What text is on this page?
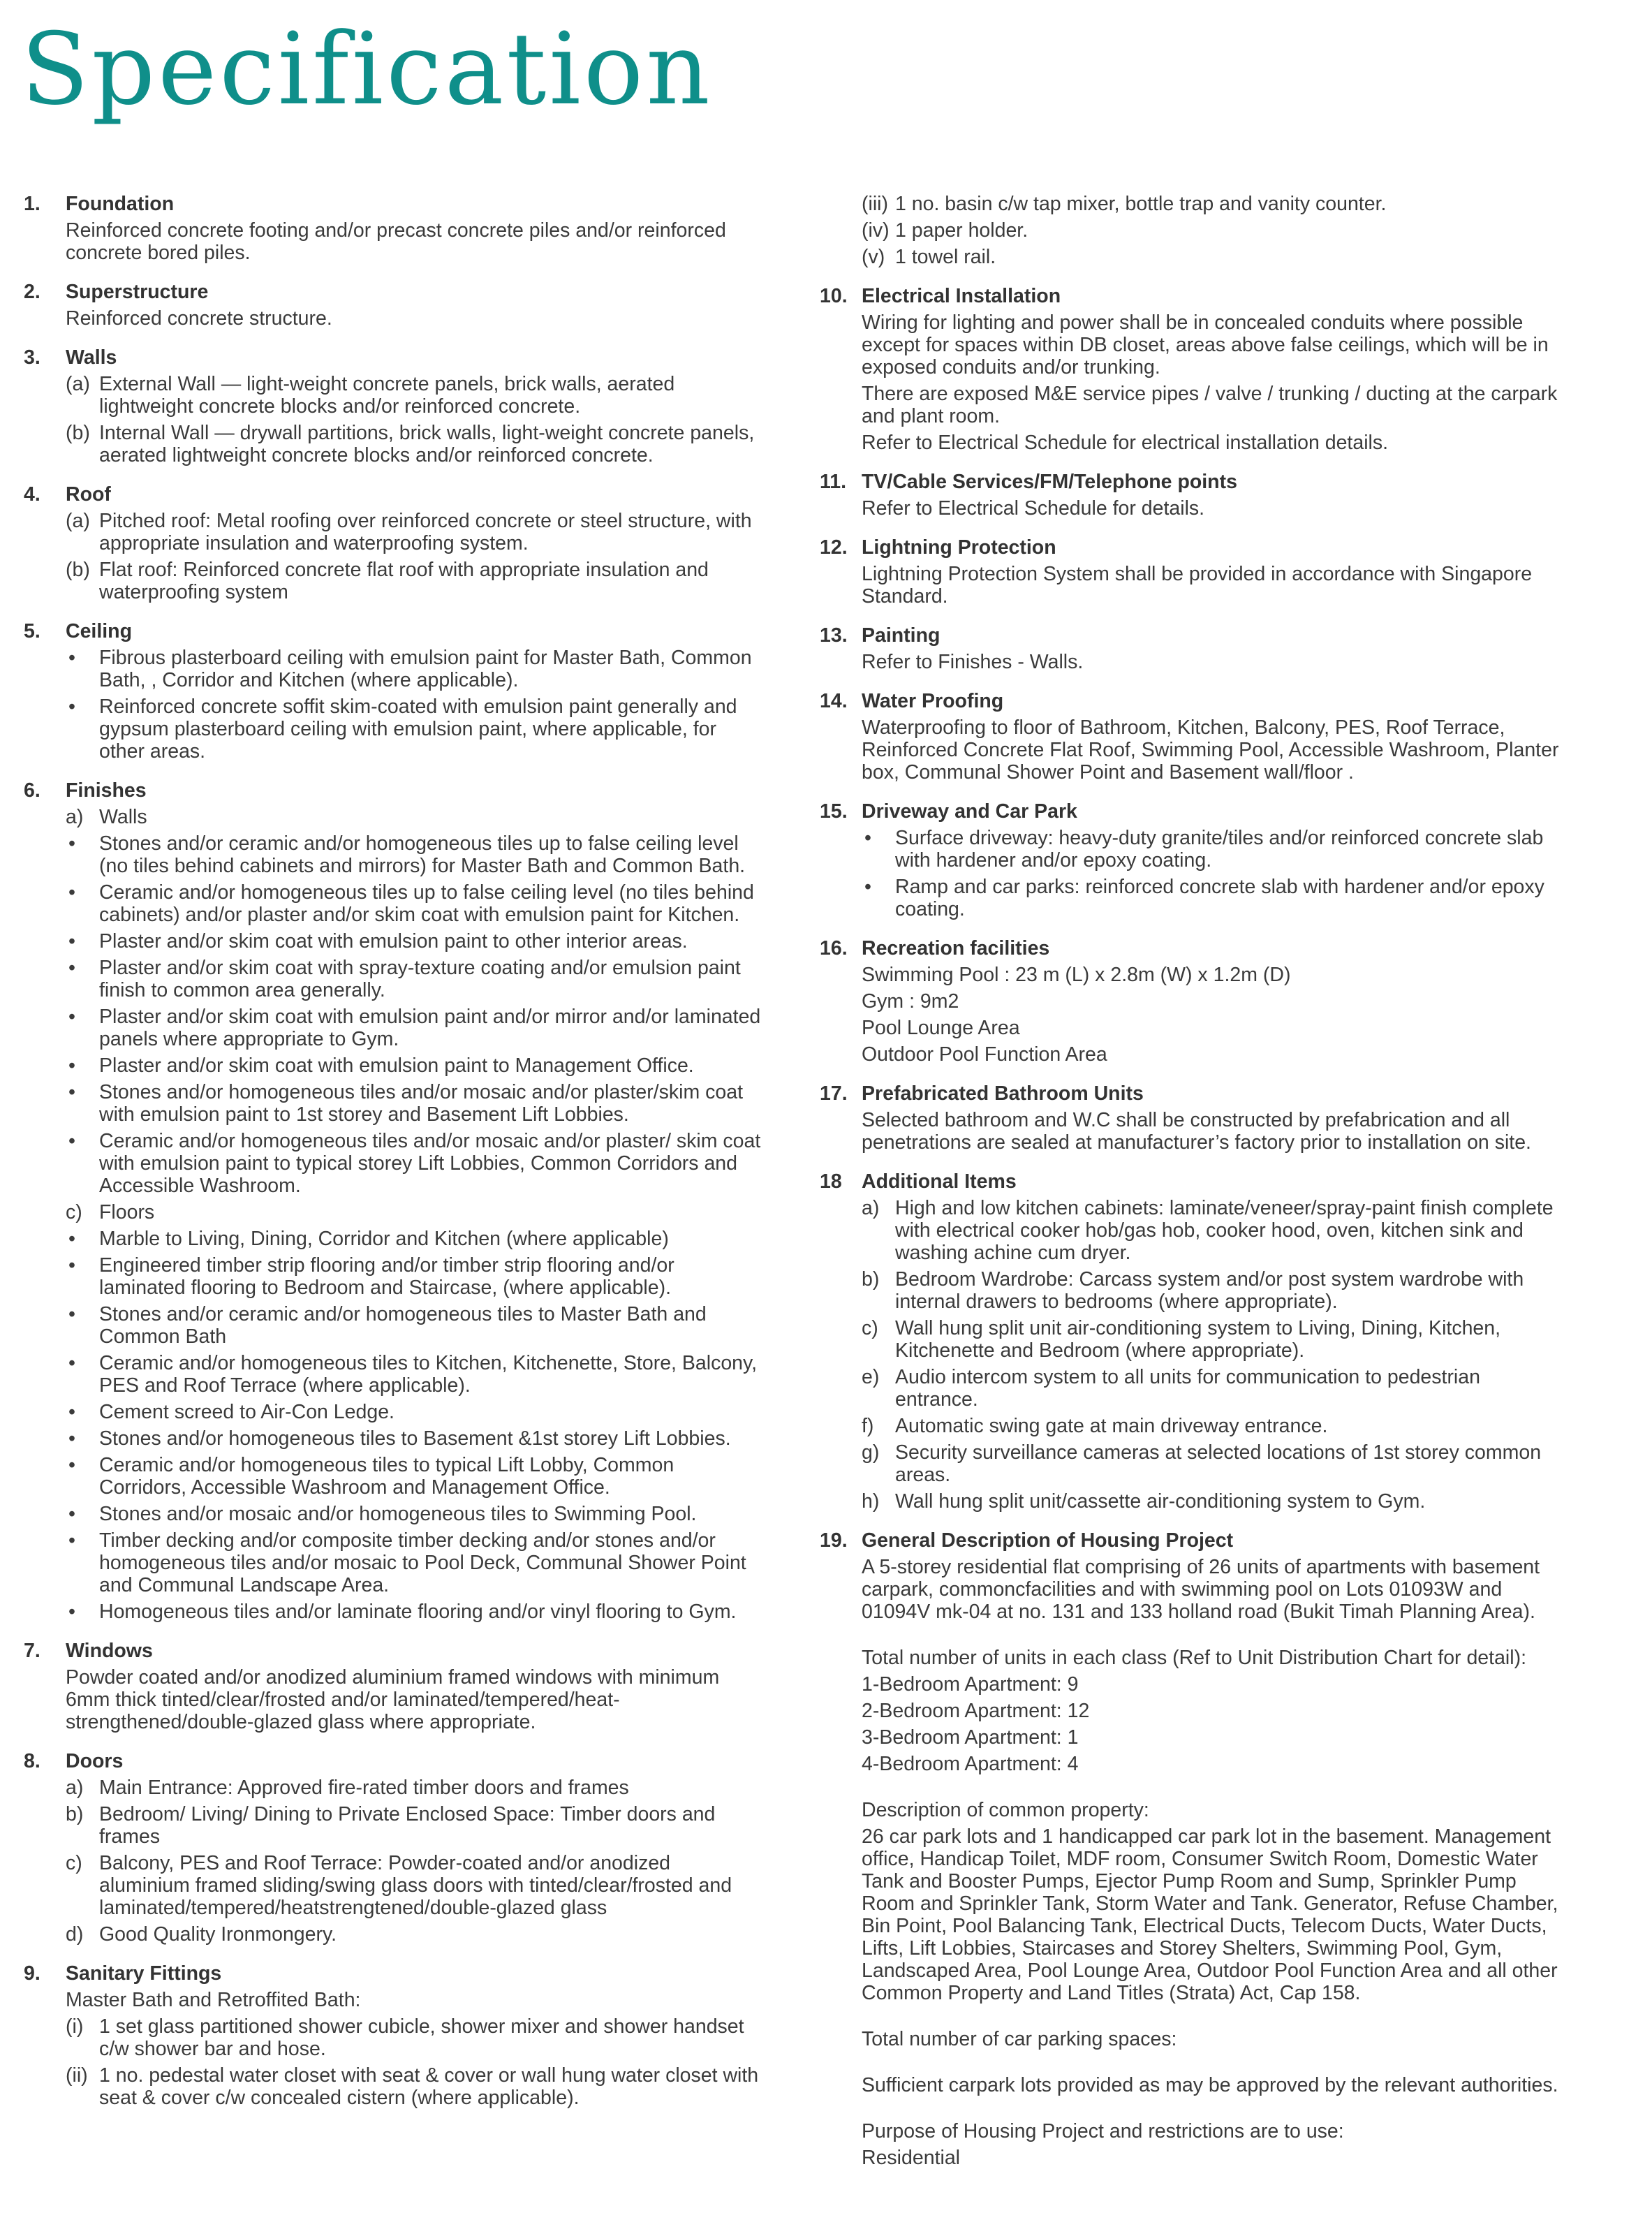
Specification
1. Foundation
Reinforced concrete footing and/or precast concrete piles and/or reinforced concrete bored piles.
2. Superstructure
Reinforced concrete structure.
3. Walls
(a) External Wall — light-weight concrete panels, brick walls, aerated lightweight concrete blocks and/or reinforced concrete.
(b) Internal Wall — drywall partitions, brick walls, light-weight concrete panels, aerated lightweight concrete blocks and/or reinforced concrete.
4. Roof
(a) Pitched roof: Metal roofing over reinforced concrete or steel structure, with appropriate insulation and waterproofing system.
(b) Flat roof: Reinforced concrete flat roof with appropriate insulation and waterproofing system
5. Ceiling
• Fibrous plasterboard ceiling with emulsion paint for Master Bath, Common Bath, , Corridor and Kitchen (where applicable).
• Reinforced concrete soffit skim-coated with emulsion paint generally and gypsum plasterboard ceiling with emulsion paint, where applicable, for other areas.
6. Finishes
a) Walls
• Stones and/or ceramic and/or homogeneous tiles up to false ceiling level (no tiles behind cabinets and mirrors) for Master Bath and Common Bath.
• Ceramic and/or homogeneous tiles up to false ceiling level (no tiles behind cabinets) and/or plaster and/or skim coat with emulsion paint for Kitchen.
• Plaster and/or skim coat with emulsion paint to other interior areas.
• Plaster and/or skim coat with spray-texture coating and/or emulsion paint finish to common area generally.
• Plaster and/or skim coat with emulsion paint and/or mirror and/or laminated panels where appropriate to Gym.
• Plaster and/or skim coat with emulsion paint to Management Office.
• Stones and/or homogeneous tiles and/or mosaic and/or plaster/skim coat with emulsion paint to 1st storey and Basement Lift Lobbies.
• Ceramic and/or homogeneous tiles and/or mosaic and/or plaster/ skim coat with emulsion paint to typical storey Lift Lobbies, Common Corridors and Accessible Washroom.
c) Floors
• Marble to Living, Dining, Corridor and Kitchen (where applicable)
• Engineered timber strip flooring and/or timber strip flooring and/or laminated flooring to Bedroom and Staircase, (where applicable).
• Stones and/or ceramic and/or homogeneous tiles to Master Bath and Common Bath
• Ceramic and/or homogeneous tiles to Kitchen, Kitchenette, Store, Balcony, PES and Roof Terrace (where applicable).
• Cement screed to Air-Con Ledge.
• Stones and/or homogeneous tiles to Basement &1st storey Lift Lobbies.
• Ceramic and/or homogeneous tiles to typical Lift Lobby, Common Corridors, Accessible Washroom and Management Office.
• Stones and/or mosaic and/or homogeneous tiles to Swimming Pool.
• Timber decking and/or composite timber decking and/or stones and/or homogeneous tiles and/or mosaic to Pool Deck, Communal Shower Point and Communal Landscape Area.
• Homogeneous tiles and/or laminate flooring and/or vinyl flooring to Gym.
7. Windows
Powder coated and/or anodized aluminium framed windows with minimum 6mm thick tinted/clear/frosted and/or laminated/tempered/heat-strengthened/double-glazed glass where appropriate.
8. Doors
a) Main Entrance: Approved fire-rated timber doors and frames
b) Bedroom/ Living/ Dining to Private Enclosed Space: Timber doors and frames
c) Balcony, PES and Roof Terrace: Powder-coated and/or anodized aluminium framed sliding/swing glass doors with tinted/clear/frosted and laminated/tempered/heatstrengtened/double-glazed glass
d) Good Quality Ironmongery.
9. Sanitary Fittings
Master Bath and Retroffited Bath:
(i) 1 set glass partitioned shower cubicle, shower mixer and shower handset c/w shower bar and hose.
(ii) 1 no. pedestal water closet with seat & cover or wall hung water closet with seat & cover c/w concealed cistern (where applicable).
(iii) 1 no. basin c/w tap mixer, bottle trap and vanity counter.
(iv) 1 paper holder.
(v) 1 towel rail.
10. Electrical Installation
Wiring for lighting and power shall be in concealed conduits where possible except for spaces within DB closet, areas above false ceilings, which will be in exposed conduits and/or trunking.
There are exposed M&E service pipes / valve / trunking / ducting at the carpark and plant room.
Refer to Electrical Schedule for electrical installation details.
11. TV/Cable Services/FM/Telephone points
Refer to Electrical Schedule for details.
12. Lightning Protection
Lightning Protection System shall be provided in accordance with Singapore Standard.
13. Painting
Refer to Finishes - Walls.
14. Water Proofing
Waterproofing to floor of Bathroom, Kitchen, Balcony, PES, Roof Terrace, Reinforced Concrete Flat Roof, Swimming Pool, Accessible Washroom, Planter box, Communal Shower Point and Basement wall/floor .
15. Driveway and Car Park
• Surface driveway: heavy-duty granite/tiles and/or reinforced concrete slab with hardener and/or epoxy coating.
• Ramp and car parks: reinforced concrete slab with hardener and/or epoxy coating.
16. Recreation facilities
Swimming Pool : 23 m (L) x 2.8m (W) x 1.2m (D)
Gym : 9m2
Pool Lounge Area
Outdoor Pool Function Area
17. Prefabricated Bathroom Units
Selected bathroom and W.C shall be constructed by prefabrication and all penetrations are sealed at manufacturer’s factory prior to installation on site.
18 Additional Items
a) High and low kitchen cabinets: laminate/veneer/spray-paint finish complete with electrical cooker hob/gas hob, cooker hood, oven, kitchen sink and washing achine cum dryer.
b) Bedroom Wardrobe: Carcass system and/or post system wardrobe with internal drawers to bedrooms (where appropriate).
c) Wall hung split unit air-conditioning system to Living, Dining, Kitchen, Kitchenette and Bedroom (where appropriate).
e) Audio intercom system to all units for communication to pedestrian entrance.
f) Automatic swing gate at main driveway entrance.
g) Security surveillance cameras at selected locations of 1st storey common areas.
h) Wall hung split unit/cassette air-conditioning system to Gym.
19. General Description of Housing Project
A 5-storey residential flat comprising of 26 units of apartments with basement carpark, commoncfacilities and with swimming pool on Lots 01093W and 01094V mk-04 at no. 131 and 133 holland road (Bukit Timah Planning Area).
Total number of units in each class (Ref to Unit Distribution Chart for detail):
1-Bedroom Apartment: 9
2-Bedroom Apartment: 12
3-Bedroom Apartment: 1
4-Bedroom Apartment: 4
Description of common property:
26 car park lots and 1 handicapped car park lot in the basement. Management office, Handicap Toilet, MDF room, Consumer Switch Room, Domestic Water Tank and Booster Pumps, Ejector Pump Room and Sump, Sprinkler Pump Room and Sprinkler Tank, Storm Water and Tank. Generator, Refuse Chamber, Bin Point, Pool Balancing Tank, Electrical Ducts, Telecom Ducts, Water Ducts, Lifts, Lift Lobbies, Staircases and Storey Shelters, Swimming Pool, Gym, Landscaped Area, Pool Lounge Area, Outdoor Pool Function Area and all other Common Property and Land Titles (Strata) Act, Cap 158.
Total number of car parking spaces:
Sufficient carpark lots provided as may be approved by the relevant authorities.
Purpose of Housing Project and restrictions are to use:
Residential
